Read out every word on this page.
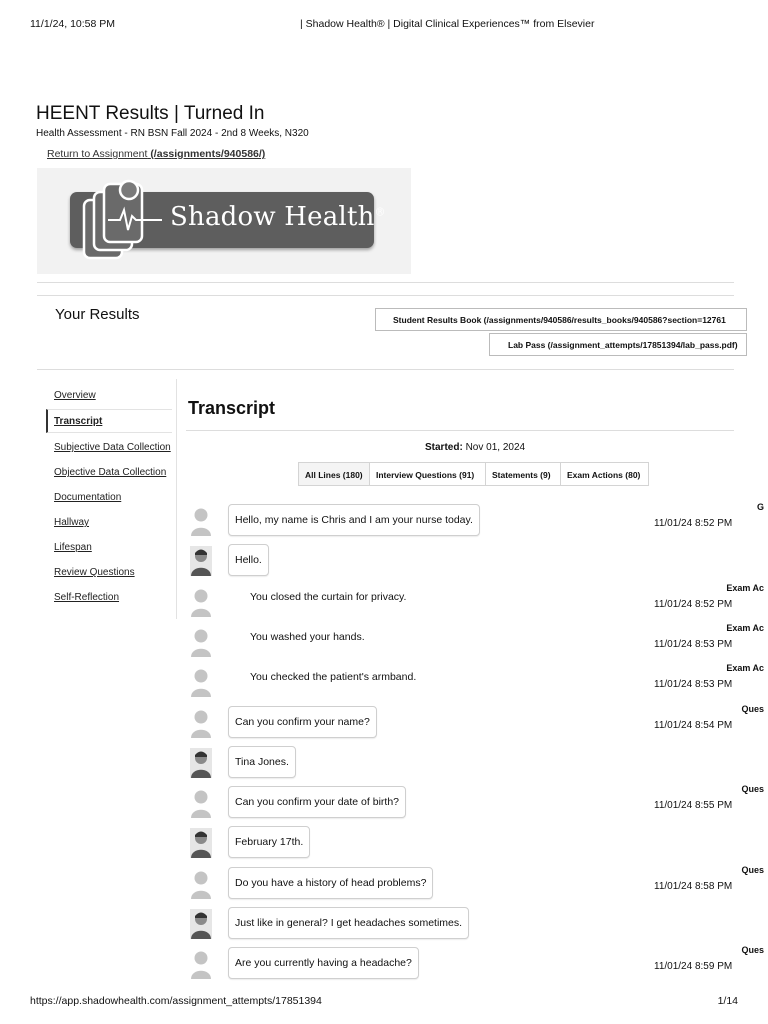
11/1/24, 10:58 PM	| Shadow Health® | Digital Clinical Experiences™ from Elsevier
HEENT Results | Turned In
Health Assessment - RN BSN Fall 2024 - 2nd 8 Weeks, N320
Return to Assignment (/assignments/940586/)
Shadow Health®
Your Results	Student Results Book (/assignments/940586/results_books/940586?section=12761
Lab Pass (/assignment_attempts/17851394/lab_pass.pdf)
Overview
Transcript
Subjective Data Collection
Objective Data Collection
Documentation
Hallway
Lifespan
Review Questions
Self-Reflection
Transcript
Started: Nov 01, 2024
All Lines (180)	Interview Questions (91)	Statements (9)	Exam Actions (80)
Hello, my name is Chris and I am your nurse today.
G
11/01/24 8:52 PM
Hello.
You closed the curtain for privacy.
Exam Ac
11/01/24 8:52 PM
You washed your hands.
Exam Ac
11/01/24 8:53 PM
You checked the patient's armband.
Exam Ac
11/01/24 8:53 PM
Can you confirm your name?
Ques
11/01/24 8:54 PM
Tina Jones.
Can you confirm your date of birth?
Ques
11/01/24 8:55 PM
February 17th.
Do you have a history of head problems?
Ques
11/01/24 8:58 PM
Just like in general? I get headaches sometimes.
Are you currently having a headache?
Ques
11/01/24 8:59 PM
https://app.shadowhealth.com/assignment_attempts/17851394	1/14
